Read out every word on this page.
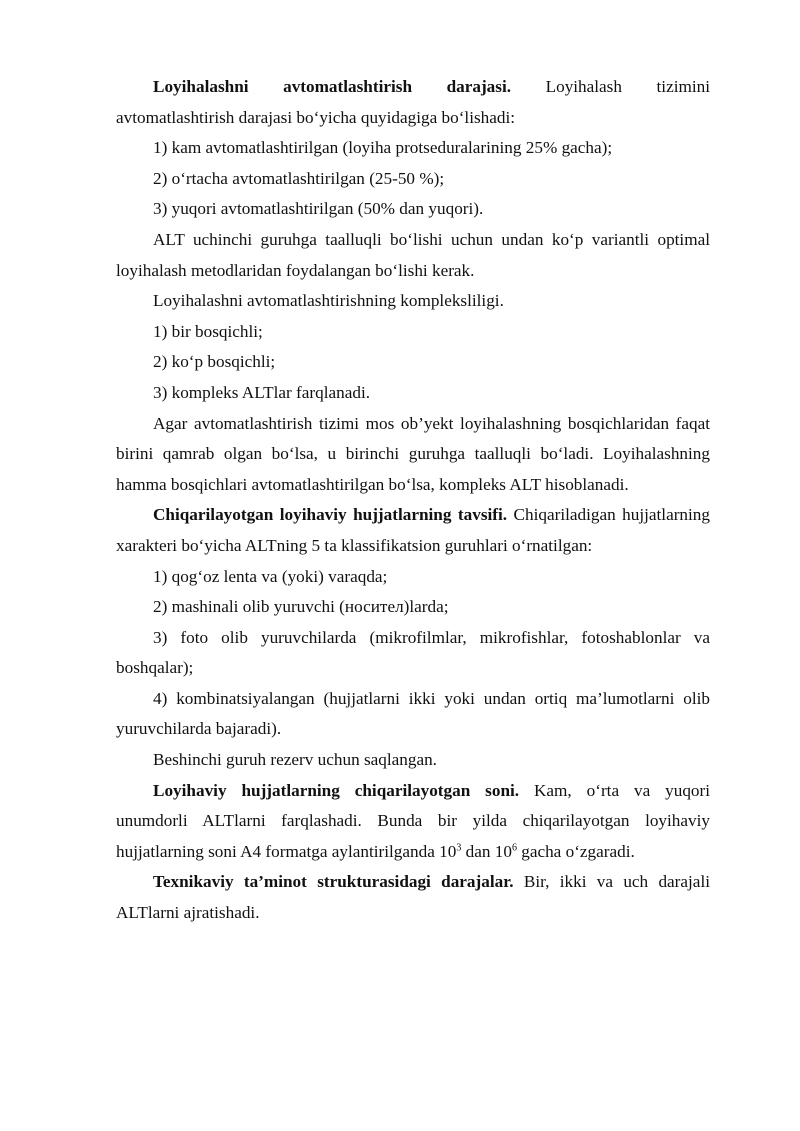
Loyihalashni avtomatlashtirish darajasi. Loyihalash tizimini avtomatlashtirish darajasi bo‘yicha quyidagiga bo‘lishadi:

1) kam avtomatlashtirilgan (loyiha protseduralarining 25% gacha);

2) o‘rtacha avtomatlashtirilgan (25-50 %);

3) yuqori avtomatlashtirilgan (50% dan yuqori).

ALT uchinchi guruhga taalluqli bo‘lishi uchun undan ko‘p variantli optimal loyihalash metodlaridan foydalangan bo‘lishi kerak.

Loyihalashni avtomatlashtirishning kompleksliligi.

1) bir bosqichli;

2) ko‘p bosqichli;

3) kompleks ALTlar farqlanadi.

Agar avtomatlashtirish tizimi mos ob’yekt loyihalashning bosqichlaridan faqat birini qamrab olgan bo‘lsa, u birinchi guruhga taalluqli bo‘ladi. Loyihalashning hamma bosqichlari avtomatlashtirilgan bo‘lsa, kompleks ALT hisoblanadi.

Chiqarilayotgan loyihaviy hujjatlarning tavsifi. Chiqariladigan hujjatlarning xarakteri bo‘yicha ALTning 5 ta klassifikatsion guruhlari o‘rnatilgan:

1) qog‘oz lenta va (yoki) varaqda;

2) mashinali olib yuruvchi (носител)larda;

3) foto olib yuruvchilarda (mikrofilmlar, mikrofishlar, fotoshablonlar va boshqalar);

4) kombinatsiyalangan (hujjatlarni ikki yoki undan ortiq ma’lumotlarni olib yuruvchilarda bajaradi).

Beshinchi guruh rezerv uchun saqlangan.

Loyihaviy hujjatlarning chiqarilayotgan soni. Kam, o‘rta va yuqori unumdorli ALTlarni farqlashadi. Bunda bir yilda chiqarilayotgan loyihaviy hujjatlarning soni A4 formatga aylantirilganda $10^3$ dan $10^6$ gacha o‘zgaradi.

Texnikaviy ta’minot strukturasidagi darajalar. Bir, ikki va uch darajali ALTlarni ajratishadi.
